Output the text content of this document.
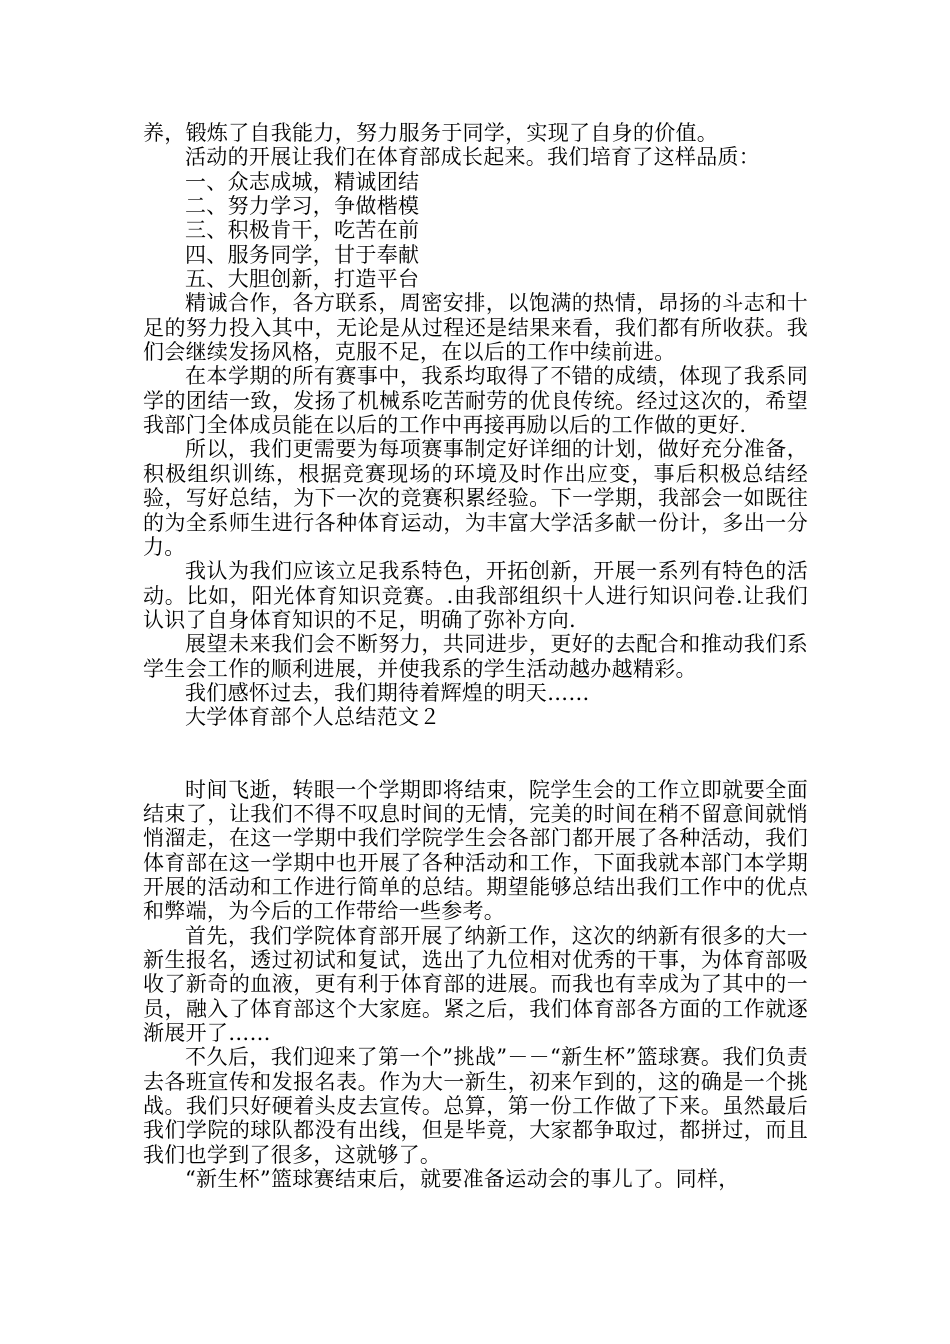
养，锻炼了自我能力，努力服务于同学，实现了自身的价值。

活动的开展让我们在体育部成长起来。我们培育了这样品质：

一、众志成城，精诚团结

二、努力学习，争做楷模

三、积极肯干，吃苦在前

四、服务同学，甘于奉献

五、大胆创新，打造平台

精诚合作，各方联系，周密安排，以饱满的热情，昂扬的斗志和十足的努力投入其中，无论是从过程还是结果来看，我们都有所收获。我们会继续发扬风格，克服不足，在以后的工作中续前进。

在本学期的所有赛事中，我系均取得了不错的成绩，体现了我系同学的团结一致，发扬了机械系吃苦耐劳的优良传统。经过这次的，希望我部门全体成员能在以后的工作中再接再励以后的工作做的更好.

所以，我们更需要为每项赛事制定好详细的计划，做好充分准备，积极组织训练，根据竞赛现场的环境及时作出应变，事后积极总结经验，写好总结，为下一次的竞赛积累经验。下一学期，我部会一如既往的为全系师生进行各种体育运动，为丰富大学活多献一份计，多出一分力。

我认为我们应该立足我系特色，开拓创新，开展一系列有特色的活动。比如，阳光体育知识竞赛。.由我部组织十人进行知识问卷.让我们认识了自身体育知识的不足，明确了弥补方向.

展望未来我们会不断努力，共同进步，更好的去配合和推动我们系学生会工作的顺利进展，并使我系的学生活动越办越精彩。

我们感怀过去，我们期待着辉煌的明天……

大学体育部个人总结范文２

时间飞逝，转眼一个学期即将结束，院学生会的工作立即就要全面结束了，让我们不得不叹息时间的无情，完美的时间在稍不留意间就悄悄溜走，在这一学期中我们学院学生会各部门都开展了各种活动，我们体育部在这一学期中也开展了各种活动和工作，下面我就本部门本学期开展的活动和工作进行简单的总结。期望能够总结出我们工作中的优点和弊端，为今后的工作带给一些参考。

首先，我们学院体育部开展了纳新工作，这次的纳新有很多的大一新生报名，透过初试和复试，选出了九位相对优秀的干事，为体育部吸收了新奇的血液，更有利于体育部的进展。而我也有幸成为了其中的一员，融入了体育部这个大家庭。紧之后，我们体育部各方面的工作就逐渐展开了……

不久后，我们迎来了第一个”挑战”－－“新生杯”篮球赛。我们负责去各班宣传和发报名表。作为大一新生，初来乍到的，这的确是一个挑战。我们只好硬着头皮去宣传。总算，第一份工作做了下来。虽然最后我们学院的球队都没有出线，但是毕竟，大家都争取过，都拼过，而且我们也学到了很多，这就够了。

“新生杯”篮球赛结束后，就要准备运动会的事儿了。同样，
